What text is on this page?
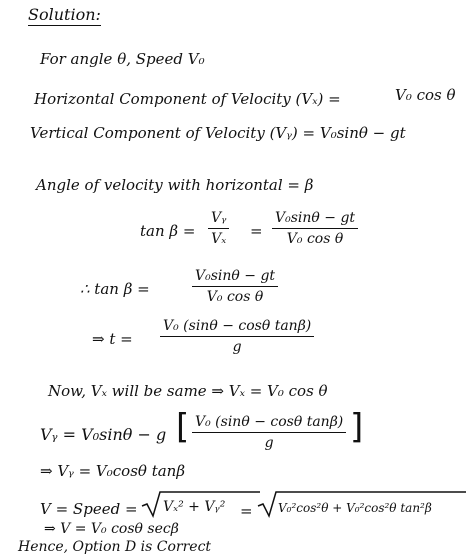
Solution:
For angle θ, Speed V₀
Horizontal Component of Velocity (Vₓ) =	V₀ cos θ
Vertical Component of Velocity (Vᵧ) = V₀sinθ − gt
Angle of velocity with horizontal = β
$\tan \beta = \frac{\text{Vᵧ}}{\text{Vₓ}} = \frac{\text{V₀sinθ − gt}}{\text{V₀ cos θ}}$
∴ tan β =	$\frac{\text{V₀sinθ − gt}}{\text{V₀ cos θ}}$
⇒ $t = \frac{\text{V₀ (sinθ − cosθ tanβ)}}{g}$
Now, Vₓ will be same ⇒ Vₓ = V₀ cos θ
Vᵧ = V₀sinθ − g [ $\frac{\text{V₀ (sinθ − cosθ tanβ)}}{g}$ ]
⇒ Vᵧ = V₀cosθ tanβ
V = Speed = Vₓ² + Vᵧ² = V₀²cos²θ + V₀²cos²θ tan²β
⇒ V = V₀ cosθ secβ
Hence, Option D is Correct
